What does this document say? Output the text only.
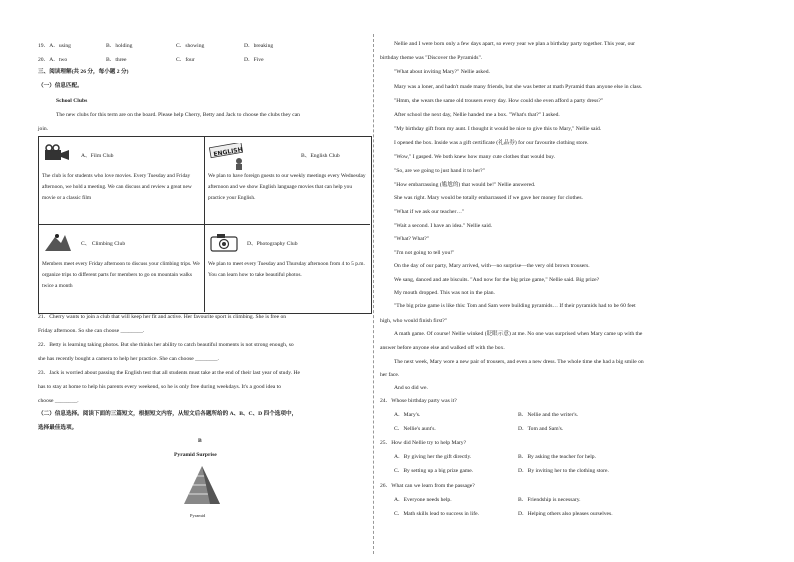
19．A．using	B．holding	C．showing	D．breaking
20．A．two	B．three	C．four	D．Five
三、阅读理解(共 26 分，每小题 2 分)
（一）信息匹配。
School Clubs
The new clubs for this term are on the board. Please help Cherry, Betty and Jack to choose the clubs they can
join.
A、Film Club
The club is for students who love movies. Every Tuesday and Friday afternoon, we hold a meeting. We can discuss and review a great new movie or a classic film
ENGLISH	B、English Club
We plan to have foreign guests to our weekly meetings every Wednesday afternoon and we show English language movies that can help you practice your English.
C、 Climbing Club
Members meet every Friday afternoon to discuss your climbing trips. We organize trips to different parts for members to go on mountain walks twice a month
D、Photography Club
We plan to meet every Tuesday and Thursday afternoon from 4 to 5 p.m. You can learn how to take beautiful photos.
21．Cherry wants to join a club that will keep her fit and active. Her favourite sport is climbing. She is free on
Friday afternoon. So she can choose ________.
22．Betty is learning taking photos. But she thinks her ability to catch beautiful moments is not strong enough, so
she has recently bought a camera to help her practice. She can choose ________.
23．Jack is worried about passing the English test that all students must take at the end of their last year of study. He
has to stay at home to help his parents every weekend, so he is only free during weekdays. It's a good idea to
choose ________.
（二）信息选择。阅读下面的三篇短文，根据短文内容，从短文后各题所给的 A、B、C、D 四个选项中，
选择最佳选项。
B
Pyramid Surprise
Pyramid
Nellie and I were born only a few days apart, so every year we plan a birthday party together. This year, our
birthday theme was "Discover the Pyramids".
"What about inviting Mary?" Nellie asked.
Mary was a loner, and hadn't made many friends, but she was better at math Pyramid than anyone else in class.
"Hmm, she wears the same old trousers every day. How could she even afford a party dress?"
After school the next day, Nellie handed me a box. "What's that?" I asked.
"My birthday gift from my aunt. I thought it would be nice to give this to Mary," Nellie said.
I opened the box. Inside was a gift certificate (礼品券) for our favourite clothing store.
"Wow," I gasped. We both knew how many cute clothes that would buy.
"So, are we going to just hand it to her?"
"How embarrassing (尴尬的) that would be!" Nellie answered.
She was right. Mary would be totally embarrassed if we gave her money for clothes.
"What if we ask our teacher…"
"Wait a second. I have an idea." Nellie said.
"What? What?"
"I'm not going to tell you!"
On the day of our party, Mary arrived, with—no surprise—the very old brown trousers.
We sang, danced and ate biscuits. "And now for the big prize game," Nellie said. Big prize?
My mouth dropped. This was not in the plan.
"The big prize game is like this: Tom and Sam were building pyramids… If their pyramids had to be 60 feet
high, who would finish first?"
A math game. Of course! Nellie winked (眨眼示意) at me. No one was surprised when Mary came up with the
answer before anyone else and walked off with the box.
The next week, Mary wore a new pair of trousers, and even a new dress. The whole time she had a big smile on
her face.
And so did we.
24．Whose birthday party was it?
A．Mary's.	B．Nellie and the writer's.
C．Nellie's aunt's.	D．Tom and Sam's.
25．How did Nellie try to help Mary?
A．By giving her the gift directly.	B．By asking the teacher for help.
C．By setting up a big prize game.	D．By inviting her to the clothing store.
26．What can we learn from the passage?
A．Everyone needs help.	B．Friendship is necessary.
C．Math skills lead to success in life.	D．Helping others also pleases ourselves.
